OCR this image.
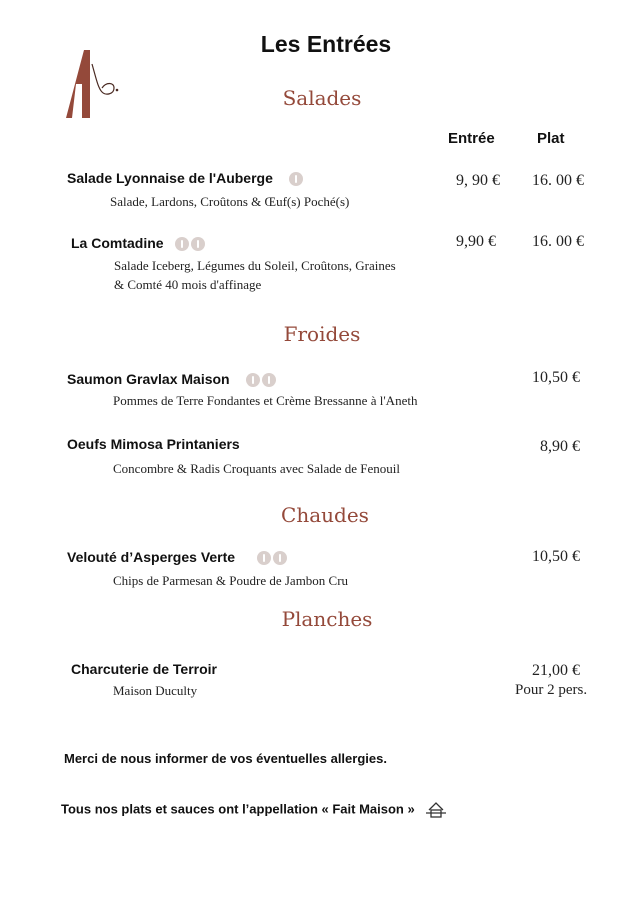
Les Entrées
Salades
Entrée	Plat
Salade Lyonnaise de l'Auberge
Salade, Lardons, Croûtons & Œuf(s) Poché(s)
9, 90 € 16. 00 €
La Comtadine
Salade Iceberg, Légumes du Soleil, Croûtons, Graines
& Comté 40 mois d'affinage
9,90 € 16. 00 €
Froides
Saumon Gravlax Maison
Pommes de Terre Fondantes et Crème Bressanne à l'Aneth
10,50 €
Oeufs Mimosa Printaniers
Concombre & Radis Croquants avec Salade de Fenouil
8,90 €
Chaudes
Velouté d’Asperges Verte
Chips de Parmesan & Poudre de Jambon Cru
10,50 €
Planches
Charcuterie de Terroir
Maison Duculty
21,00 €
Pour 2 pers.
Merci de nous informer de vos éventuelles allergies.
Tous nos plats et sauces ont l’appellation « Fait Maison »
